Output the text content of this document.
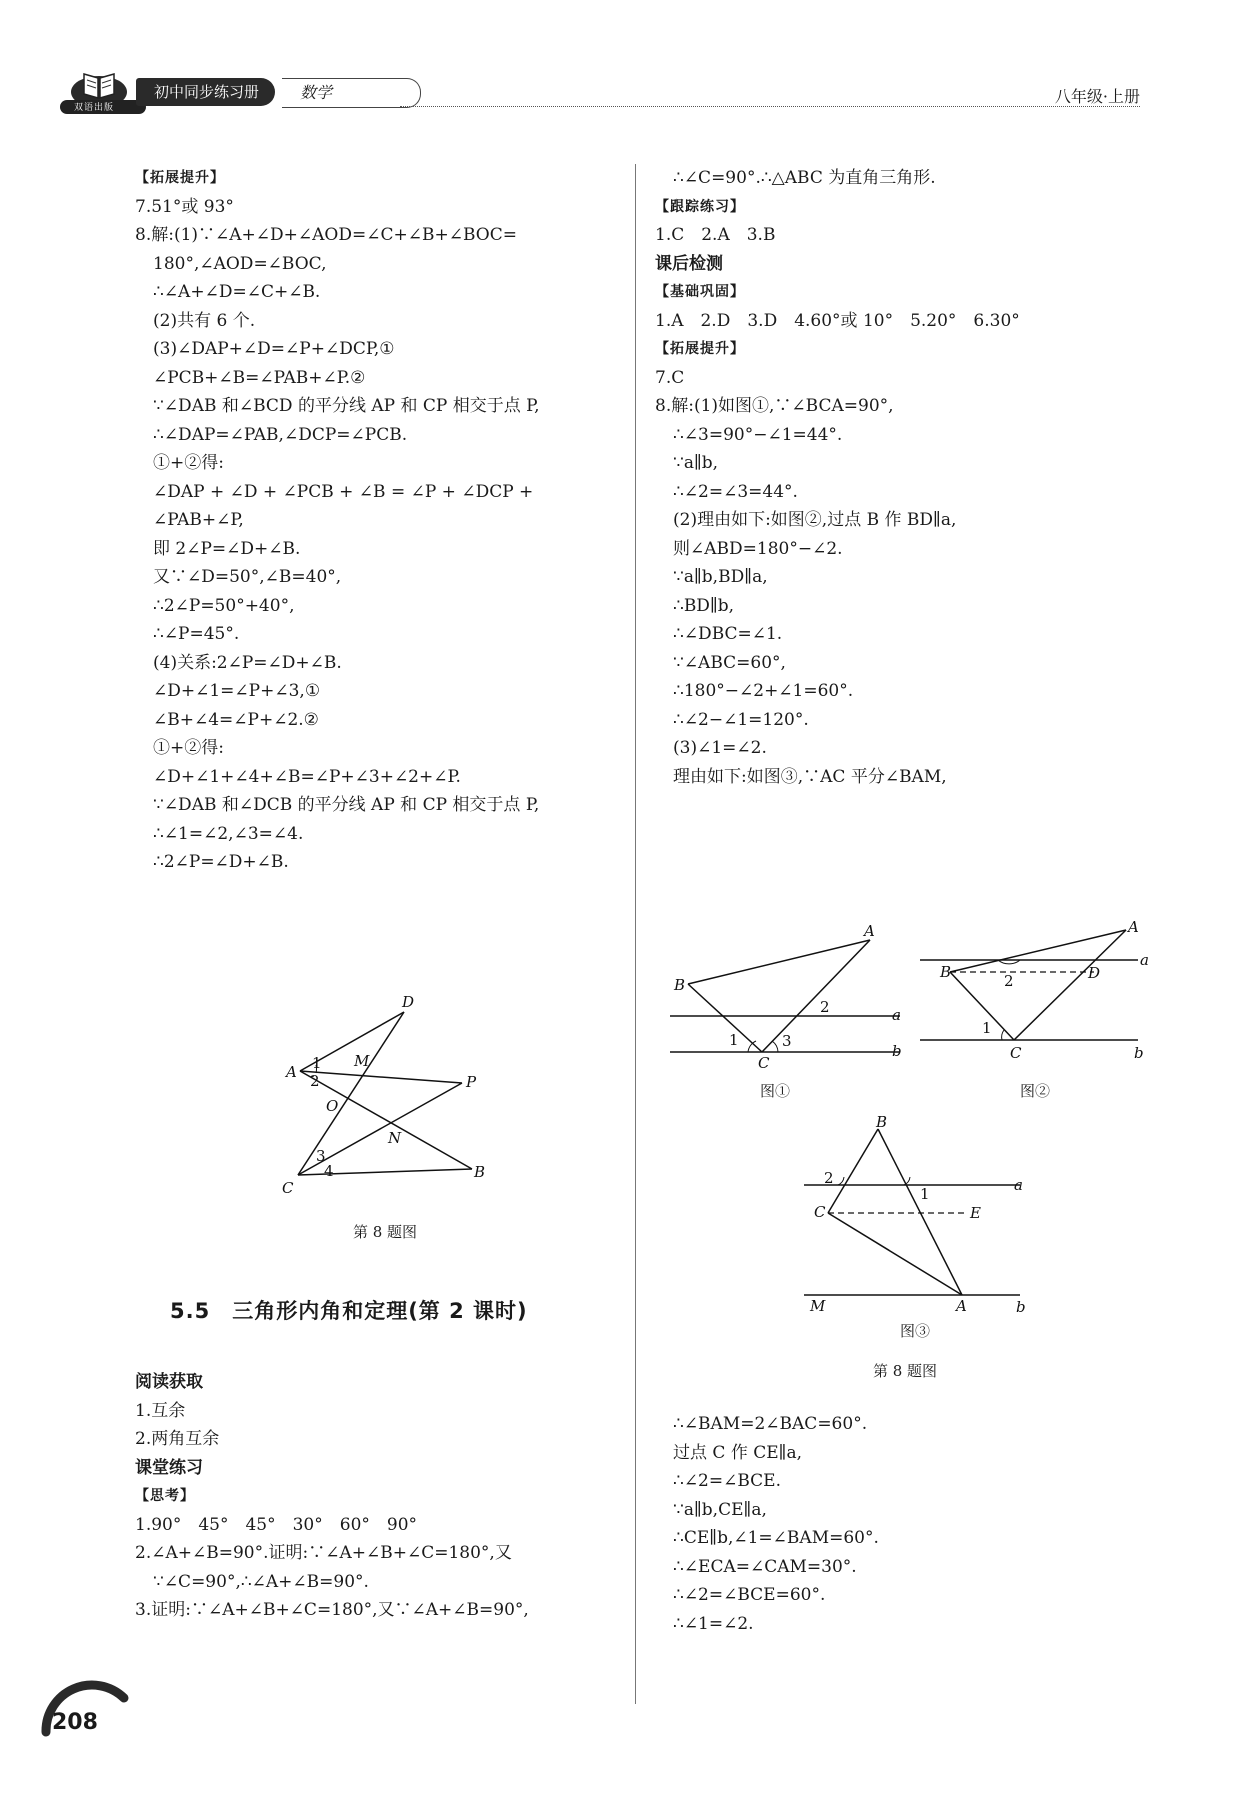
双语出版
初中同步练习册	数学	八年级·上册
【拓展提升】
7.51°或 93°
8.解:(1)∵∠A+∠D+∠AOD=∠C+∠B+∠BOC=
180°,∠AOD=∠BOC,
∴∠A+∠D=∠C+∠B.
(2)共有 6 个.
(3)∠DAP+∠D=∠P+∠DCP,①
∠PCB+∠B=∠PAB+∠P.②
∵∠DAB 和∠BCD 的平分线 AP 和 CP 相交于点 P,
∴∠DAP=∠PAB,∠DCP=∠PCB.
①+②得:
∠DAP + ∠D + ∠PCB + ∠B = ∠P + ∠DCP +
∠PAB+∠P,
即 2∠P=∠D+∠B.
又∵∠D=50°,∠B=40°,
∴2∠P=50°+40°,
∴∠P=45°.
(4)关系:2∠P=∠D+∠B.
∠D+∠1=∠P+∠3,①
∠B+∠4=∠P+∠2.②
①+②得:
∠D+∠1+∠4+∠B=∠P+∠3+∠2+∠P.
∵∠DAB 和∠DCB 的平分线 AP 和 CP 相交于点 P,
∴∠1=∠2,∠3=∠4.
∴2∠P=∠D+∠B.
D
A 1 M
2	P
O
N
3
4
C
B
第 8 题图
5.5　三角形内角和定理(第 2 课时)
阅读获取
1.互余
2.两角互余
课堂练习
【思考】
1.90°　45°　45°　30°　60°　90°
2.∠A+∠B=90°.证明:∵∠A+∠B+∠C=180°,又
∵∠C=90°,∴∠A+∠B=90°.
3.证明:∵∠A+∠B+∠C=180°,又∵∠A+∠B=90°,
∴∠C=90°.∴△ABC 为直角三角形.
【跟踪练习】
1.C　2.A　3.B
课后检测
【基础巩固】
1.A　2.D　3.D　4.60°或 10°　5.20°　6.30°
【拓展提升】
7.C
8.解:(1)如图①,∵∠BCA=90°,
∴∠3=90°−∠1=44°.
∵a∥b,
∴∠2=∠3=44°.
(2)理由如下:如图②,过点 B 作 BD∥a,
则∠ABD=180°−∠2.
∵a∥b,BD∥a,
∴BD∥b,
∴∠DBC=∠1.
∵∠ABC=60°,
∴180°−∠2+∠1=60°.
∴∠2−∠1=120°.
(3)∠1=∠2.
理由如下:如图③,∵AC 平分∠BAM,
A
B
2	a
1	3
C
b
图①
A
a
B	2	D
1
C	b
图②
B
2
1	a
C	E
M	A	b
图③
第 8 题图
∴∠BAM=2∠BAC=60°.
过点 C 作 CE∥a,
∴∠2=∠BCE.
∵a∥b,CE∥a,
∴CE∥b,∠1=∠BAM=60°.
∴∠ECA=∠CAM=30°.
∴∠2=∠BCE=60°.
∴∠1=∠2.
208
